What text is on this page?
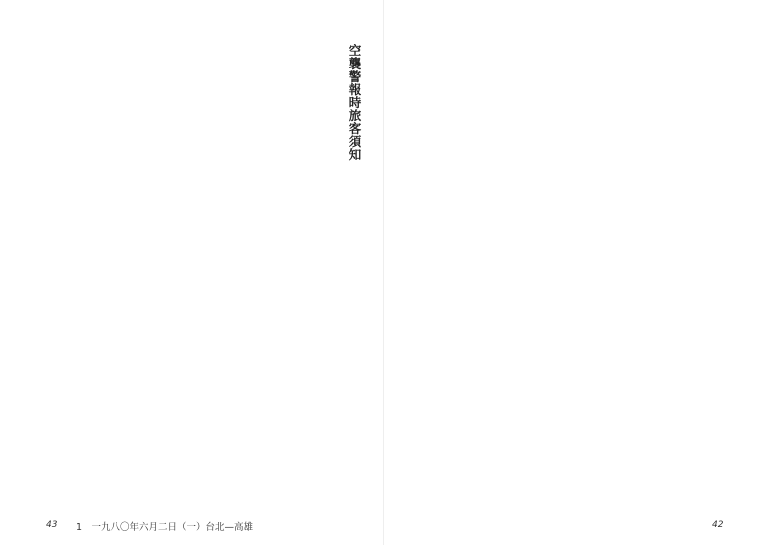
空襲警報時旅客須知

43 1　一九八〇年六月二日（一）台北—高雄	42
